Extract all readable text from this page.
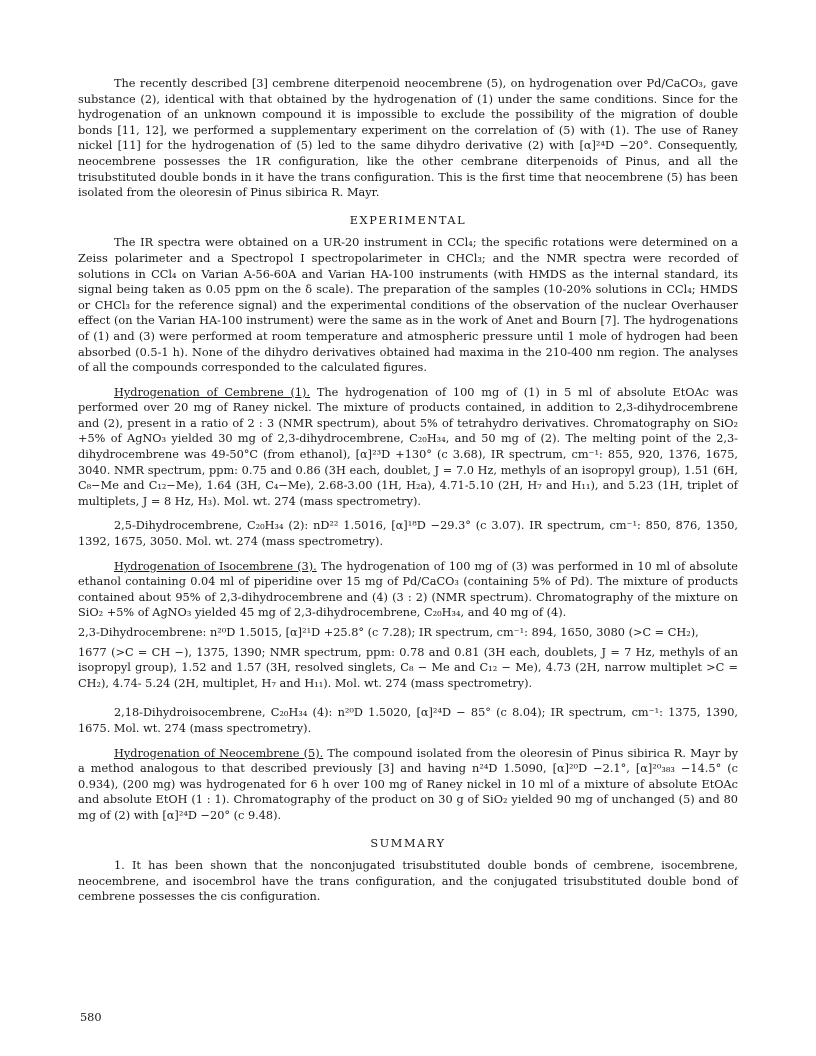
The recently described [3] cembrene diterpenoid neocembrene (5), on hydrogenation over Pd/CaCO₃, gave substance (2), identical with that obtained by the hydrogenation of (1) under the same conditions. Since for the hydrogenation of an unknown compound it is impossible to exclude the possibility of the migration of double bonds [11, 12], we performed a supplementary experiment on the correlation of (5) with (1). The use of Raney nickel [11] for the hydrogenation of (5) led to the same dihydro derivative (2) with [α]²⁴D −20°. Consequently, neocembrene possesses the 1R configuration, like the other cembrane diterpenoids of Pinus, and all the trisubstituted double bonds in it have the trans configuration. This is the first time that neocembrene (5) has been isolated from the oleoresin of Pinus sibirica R. Mayr.

EXPERIMENTAL

The IR spectra were obtained on a UR-20 instrument in CCl₄; the specific rotations were determined on a Zeiss polarimeter and a Spectropol I spectropolarimeter in CHCl₃; and the NMR spectra were recorded of solutions in CCl₄ on Varian A-56-60A and Varian HA-100 instruments (with HMDS as the internal standard, its signal being taken as 0.05 ppm on the δ scale). The preparation of the samples (10-20% solutions in CCl₄; HMDS or CHCl₃ for the reference signal) and the experimental conditions of the observation of the nuclear Overhauser effect (on the Varian HA-100 instrument) were the same as in the work of Anet and Bourn [7]. The hydrogenations of (1) and (3) were performed at room temperature and atmospheric pressure until 1 mole of hydrogen had been absorbed (0.5-1 h). None of the dihydro derivatives obtained had maxima in the 210-400 nm region. The analyses of all the compounds corresponded to the calculated figures.

Hydrogenation of Cembrene (1). The hydrogenation of 100 mg of (1) in 5 ml of absolute EtOAc was performed over 20 mg of Raney nickel. The mixture of products contained, in addition to 2,3-dihydrocembrene and (2), present in a ratio of 2 : 3 (NMR spectrum), about 5% of tetrahydro derivatives. Chromatography on SiO₂ +5% of AgNO₃ yielded 30 mg of 2,3-dihydrocembrene, C₂₀H₃₄, and 50 mg of (2). The melting point of the 2,3-dihydrocembrene was 49-50°C (from ethanol), [α]²³D +130° (c 3.68), IR spectrum, cm⁻¹: 855, 920, 1376, 1675, 3040. NMR spectrum, ppm: 0.75 and 0.86 (3H each, doublet, J = 7.0 Hz, methyls of an isopropyl group), 1.51 (6H, C₈−Me and C₁₂−Me), 1.64 (3H, C₄−Me), 2.68-3.00 (1H, H₂a), 4.71-5.10 (2H, H₇ and H₁₁), and 5.23 (1H, triplet of multiplets, J = 8 Hz, H₃). Mol. wt. 274 (mass spectrometry).

2,5-Dihydrocembrene, C₂₀H₃₄ (2): nD²² 1.5016, [α]¹⁸D −29.3° (c 3.07). IR spectrum, cm⁻¹: 850, 876, 1350, 1392, 1675, 3050. Mol. wt. 274 (mass spectrometry).

Hydrogenation of Isocembrene (3). The hydrogenation of 100 mg of (3) was performed in 10 ml of absolute ethanol containing 0.04 ml of piperidine over 15 mg of Pd/CaCO₃ (containing 5% of Pd). The mixture of products contained about 95% of 2,3-dihydrocembrene and (4) (3 : 2) (NMR spectrum). Chromatography of the mixture on SiO₂ +5% of AgNO₃ yielded 45 mg of 2,3-dihydrocembrene, C₂₀H₃₄, and 40 mg of (4).

2,3-Dihydrocembrene: n²⁰D 1.5015, [α]²¹D +25.8° (c 7.28); IR spectrum, cm⁻¹: 894, 1650, 3080 (>C = CH₂),

1677 (>C = CH −), 1375, 1390; NMR spectrum, ppm: 0.78 and 0.81 (3H each, doublets, J = 7 Hz, methyls of an isopropyl group), 1.52 and 1.57 (3H, resolved singlets, C₈ − Me and C₁₂ − Me), 4.73 (2H, narrow multiplet >C = CH₂), 4.74- 5.24 (2H, multiplet, H₇ and H₁₁). Mol. wt. 274 (mass spectrometry).

2,18-Dihydroisocembrene, C₂₀H₃₄ (4): n²⁰D 1.5020, [α]²⁴D − 85° (c 8.04); IR spectrum, cm⁻¹: 1375, 1390, 1675. Mol. wt. 274 (mass spectrometry).

Hydrogenation of Neocembrene (5). The compound isolated from the oleoresin of Pinus sibirica R. Mayr by a method analogous to that described previously [3] and having n²⁴D 1.5090, [α]²⁰D −2.1°, [α]²⁰₃₈₃ −14.5° (c 0.934), (200 mg) was hydrogenated for 6 h over 100 mg of Raney nickel in 10 ml of a mixture of absolute EtOAc and absolute EtOH (1 : 1). Chromatography of the product on 30 g of SiO₂ yielded 90 mg of unchanged (5) and 80 mg of (2) with [α]²⁴D −20° (c 9.48).

SUMMARY

1. It has been shown that the nonconjugated trisubstituted double bonds of cembrene, isocembrene, neocembrene, and isocembrol have the trans configuration, and the conjugated trisubstituted double bond of cembrene possesses the cis configuration.

580
